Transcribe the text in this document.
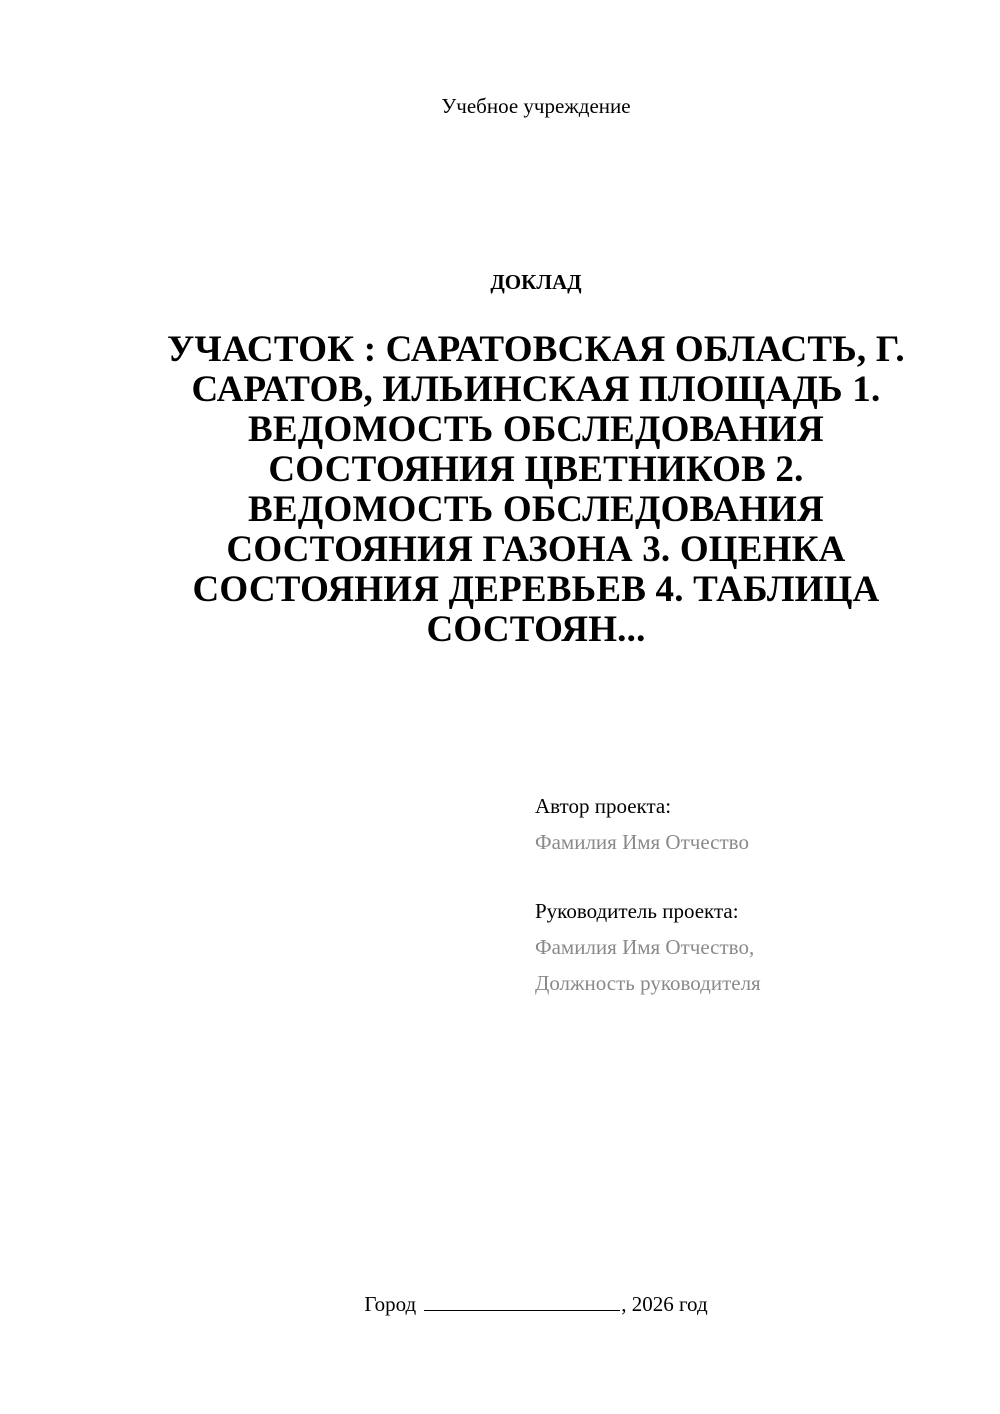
Учебное учреждение
ДОКЛАД
УЧАСТОК : САРАТОВСКАЯ ОБЛАСТЬ, Г. САРАТОВ, ИЛЬИНСКАЯ ПЛОЩАДЬ 1. ВЕДОМОСТЬ ОБСЛЕДОВАНИЯ СОСТОЯНИЯ ЦВЕТНИКОВ 2. ВЕДОМОСТЬ ОБСЛЕДОВАНИЯ СОСТОЯНИЯ ГАЗОНА 3. ОЦЕНКА СОСТОЯНИЯ ДЕРЕВЬЕВ 4. ТАБЛИЦА СОСТОЯН...
Автор проекта:
Фамилия Имя Отчество
Руководитель проекта:
Фамилия Имя Отчество,
Должность руководителя
Город	, 2026 год
